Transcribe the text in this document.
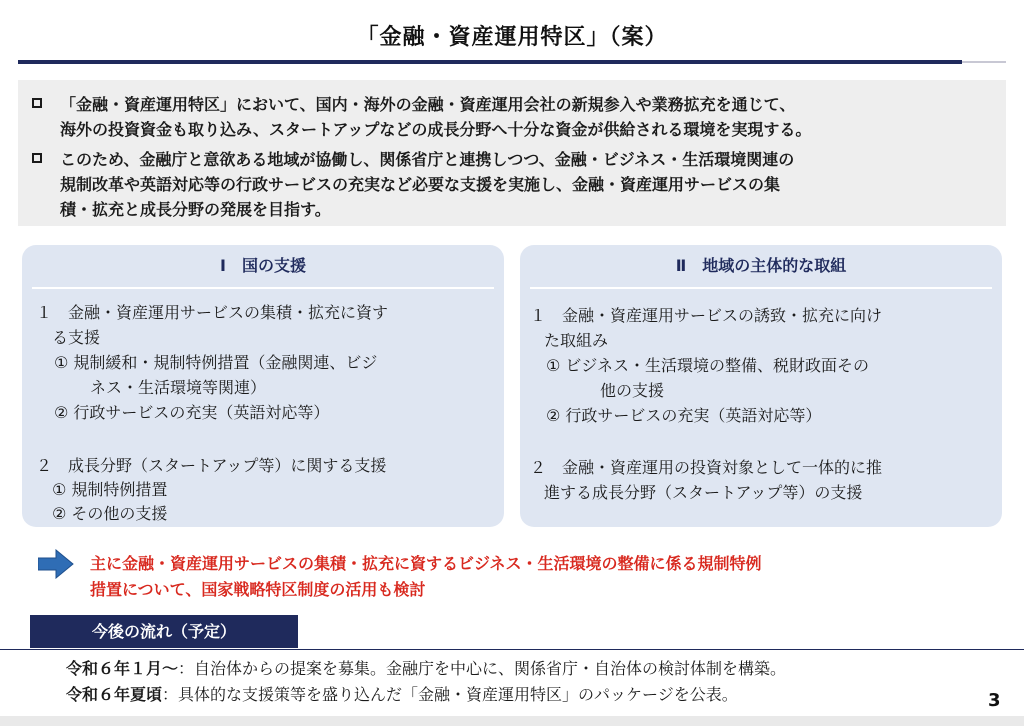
「金融・資産運用特区」（案）
「金融・資産運用特区」において、国内・海外の金融・資産運用会社の新規参入や業務拡充を通じて、
海外の投資資金も取り込み、スタートアップなどの成長分野へ十分な資金が供給される環境を実現する。
このため、金融庁と意欲ある地域が協働し、関係省庁と連携しつつ、金融・ビジネス・生活環境関連の
規制改革や英語対応等の行政サービスの充実など必要な支援を実施し、金融・資産運用サービスの集
積・拡充と成長分野の発展を目指す。
Ⅰ　国の支援
１　金融・資産運用サービスの集積・拡充に資す
る支援
① 規制緩和・規制特例措置（金融関連、ビジ
ネス・生活環境等関連）
② 行政サービスの充実（英語対応等）
２　成長分野（スタートアップ等）に関する支援
① 規制特例措置
② その他の支援
Ⅱ　地域の主体的な取組
１　金融・資産運用サービスの誘致・拡充に向け
た取組み
① ビジネス・生活環境の整備、税財政面その
他の支援
② 行政サービスの充実（英語対応等）
２　金融・資産運用の投資対象として一体的に推
進する成長分野（スタートアップ等）の支援
主に金融・資産運用サービスの集積・拡充に資するビジネス・生活環境の整備に係る規制特例
措置について、国家戦略特区制度の活用も検討
今後の流れ（予定）
令和６年１月～：自治体からの提案を募集。金融庁を中心に、関係省庁・自治体の検討体制を構築。
令和６年夏頃：具体的な支援策等を盛り込んだ「金融・資産運用特区」のパッケージを公表。	3
